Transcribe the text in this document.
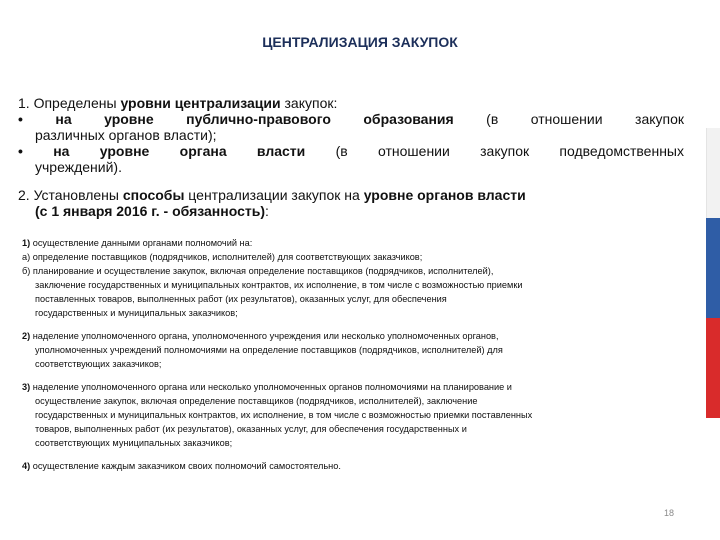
ЦЕНТРАЛИЗАЦИЯ ЗАКУПОК
1. Определены уровни централизации закупок:
• на уровне публично-правового образования (в отношении закупок
различных органов власти);
• на уровне органа власти (в отношении закупок подведомственных
учреждений).
2. Установлены способы централизации закупок на уровне органов власти
(с 1 января 2016 г. - обязанность):
1) осуществление данными органами полномочий на:
а) определение поставщиков (подрядчиков, исполнителей) для соответствующих заказчиков;
б) планирование и осуществление закупок, включая определение поставщиков (подрядчиков, исполнителей),
заключение государственных и муниципальных контрактов, их исполнение, в том числе с возможностью приемки
поставленных товаров, выполненных работ (их результатов), оказанных услуг, для обеспечения
государственных и муниципальных заказчиков;
2) наделение уполномоченного органа, уполномоченного учреждения или несколько уполномоченных органов,
уполномоченных учреждений полномочиями на определение поставщиков (подрядчиков, исполнителей) для
соответствующих заказчиков;
3) наделение уполномоченного органа или несколько уполномоченных органов полномочиями на планирование и
осуществление закупок, включая определение поставщиков (подрядчиков, исполнителей), заключение
государственных и муниципальных контрактов, их исполнение, в том числе с возможностью приемки поставленных
товаров, выполненных работ (их результатов), оказанных услуг, для обеспечения государственных и
соответствующих муниципальных заказчиков;
4) осуществление каждым заказчиком своих полномочий самостоятельно.
18
